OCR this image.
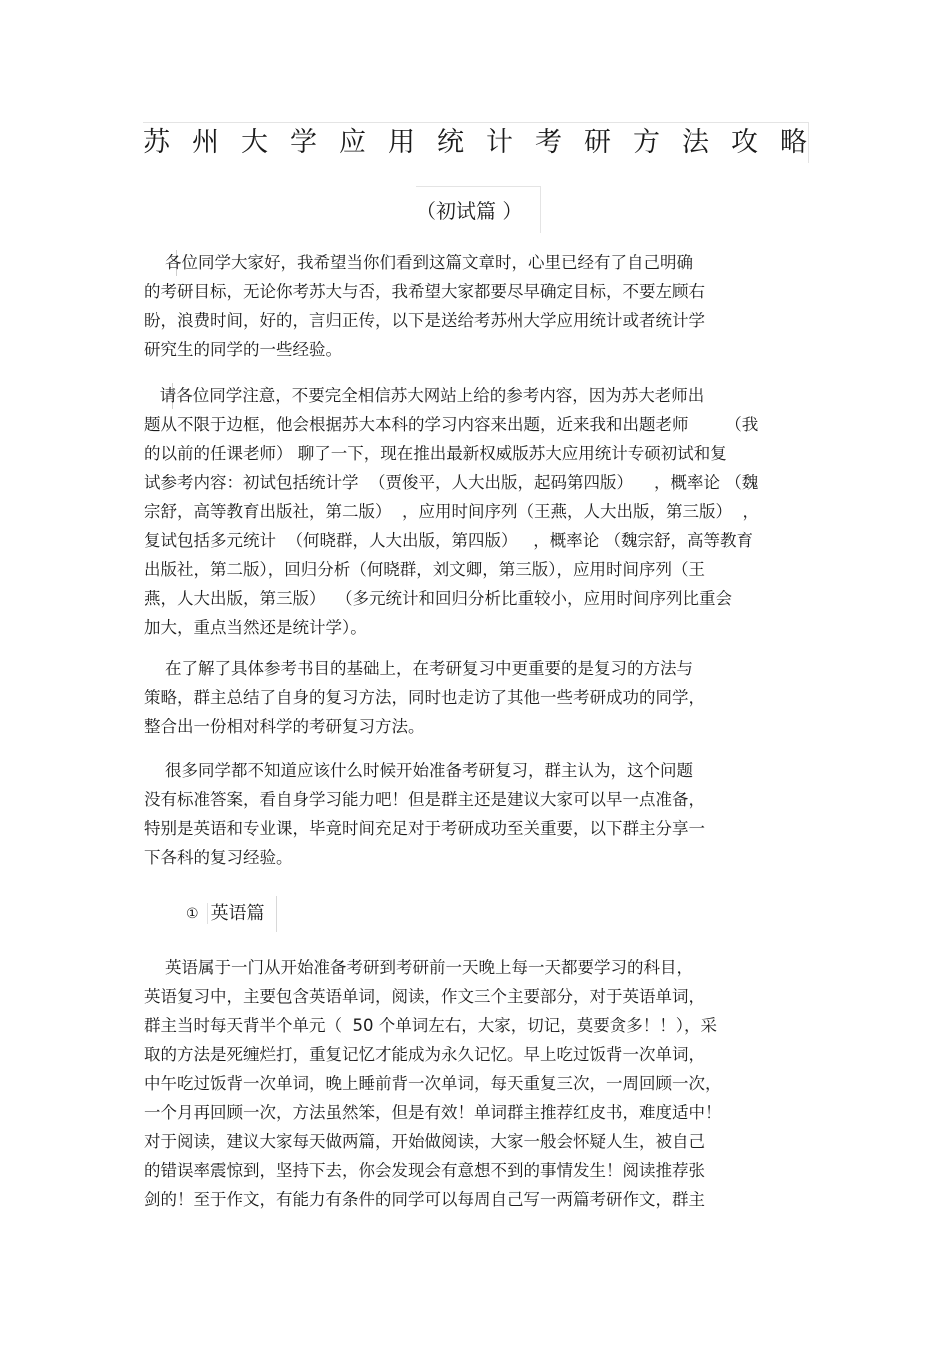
苏州大学应用统计考研方法攻略
（初试篇 ）
各位同学大家好，我希望当你们看到这篇文章时，心里已经有了自己明确
的考研目标，无论你考苏大与否，我希望大家都要尽早确定目标，不要左顾右
盼，浪费时间，好的，言归正传，以下是送给考苏州大学应用统计或者统计学
研究生的同学的一些经验。
请各位同学注意，不要完全相信苏大网站上给的参考内容，因为苏大老师出
题从不限于边框，他会根据苏大本科的学习内容来出题，近来我和出题老师       （我
的以前的任课老师） 聊了一下，现在推出最新权威版苏大应用统计专硕初试和复
试参考内容：初试包括统计学  （贾俊平，人大出版，起码第四版）    ，概率论 （魏
宗舒，高等教育出版社，第二版）  ，应用时间序列（王燕，人大出版，第三版）  ，
复试包括多元统计  （何晓群，人大出版，第四版）   ，概率论 （魏宗舒，高等教育
出版社，第二版），回归分析（何晓群，刘文卿，第三版），应用时间序列（王
燕，人大出版，第三版）  （多元统计和回归分析比重较小，应用时间序列比重会
加大，重点当然还是统计学）。
在了解了具体参考书目的基础上，在考研复习中更重要的是复习的方法与
策略，群主总结了自身的复习方法，同时也走访了其他一些考研成功的同学，
整合出一份相对科学的考研复习方法。
很多同学都不知道应该什么时候开始准备考研复习，群主认为，这个问题
没有标准答案，看自身学习能力吧！但是群主还是建议大家可以早一点准备，
特别是英语和专业课，毕竟时间充足对于考研成功至关重要，以下群主分享一
下各科的复习经验。
① 英语篇
英语属于一门从开始准备考研到考研前一天晚上每一天都要学习的科目，
英语复习中，主要包含英语单词，阅读，作文三个主要部分，对于英语单词，
群主当时每天背半个单元（  50 个单词左右，大家，切记，莫要贪多！！），采
取的方法是死缠烂打，重复记忆才能成为永久记忆。早上吃过饭背一次单词，
中午吃过饭背一次单词，晚上睡前背一次单词，每天重复三次，一周回顾一次，
一个月再回顾一次，方法虽然笨，但是有效！单词群主推荐红皮书，难度适中！
对于阅读，建议大家每天做两篇，开始做阅读，大家一般会怀疑人生，被自己
的错误率震惊到，坚持下去，你会发现会有意想不到的事情发生！阅读推荐张
剑的！至于作文，有能力有条件的同学可以每周自己写一两篇考研作文，群主
